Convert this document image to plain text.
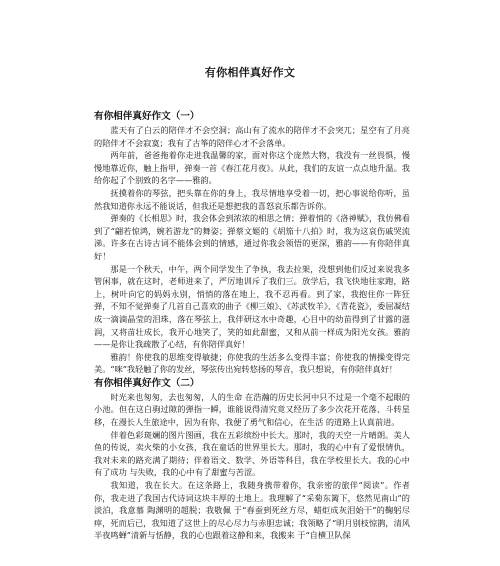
有你相伴真好作文
有你相伴真好作文（一）

蓝天有了白云的陪伴才不会空洞；高山有了流水的陪伴才不会突兀；星空有了月亮的陪伴才不会寂寞；我有了古筝的陪伴心才不会落单。

两年前，爸爸拖着你走进我温馨的家，面对你这个庞然大物，我没有一丝畏惧，慢慢地靠近你，触上指甲，弹奏一首《春江花月夜》。从此，我们的友谊一点点地升温。我给你起了个别致的名字——雅韵。

抚摸着你的琴弦，把头靠在你的身上，我尽情地享受着一切，把心事说给你听，虽然我知道你永远不能说话，但我还是想把我的喜怒哀乐都告诉你。

弹奏的《长相思》时，我会体会到浓浓的相思之情；弹着悄的《洛神赋》，我仿佛看到了“翩若惊鸿，婉若游龙”的舞姿；弹蔡文姬的《胡笳十八拍》时，我为这哀伤戚哭流涕。许多在古诗古词不能体会到的情感，通过你我会领悟的更深，雅韵——有你陪伴真好！

那是一个秋天，中午，两个同学发生了争执，我去拉架，没想到他们反过来说我多管闲事，就在这时，老师进来了，严厉地训斥了我们三。放学后，我飞快地往家跑，路上，树叶向它的妈妈永别，悄悄的落在地上，我不忍再看。到了家，我抱住你一阵狂弹，不知不觉弹奏了几首自己喜欢的曲子《柳三娘》、《苏武牧羊》、《青花瓷》，委屈凝结成一滴滴晶莹的泪珠，落在琴弦上，我伴研这水中奇趣，心目中的幼苗得到了甘露的滋润，又将苗壮成长，我开心地笑了，笑的如此甜蜜，又和从前一样成为阳光女孩。雅韵——是你让我疏散了心结，有你陪伴真好！

雅韵！你使我的思维变得敏捷；你使我的生活多么变得丰富；你使我的情操变得完美。“咪”我轻触了你的发丝，琴弦传出宛转悠扬的琴音，我只想说，有你陪伴真好！

有你相伴真好作文（二）

时光来也匆匆，去也匆匆，人的生命 在浩瀚的历史长河中只不过是一个毫不起眼的小池。但在这白驹过隙的弹指一瞬，谁能说得清究竟又经历了多少次花开花落、斗转星移，在漫长人生旅途中，因为有你，我便了勇气和信心，在生活 的道路上认真前进。

伴着色彩斑斓的图片图画，我在五彩缤纷中长大。那时，我的天空一片晴朗。美人鱼的传说，卖火柴的小女孩，我在童话的世界里长大。那时，我的心中有了爱恨情仇，我对未来的路充满了期待；伴着语文、数学、外语等科目，我在学校里长大。我的心中有了成功 与失败，我的心中有了甜蜜与苦涩。

我知道，我在长大。在这条路上，我随身携带着你，我亲密的旅伴“阅读”。作者你，我走进了我国古代诗词这块丰厚的土地上。我理解了“采菊东篱下，悠然见南山”的淡泊，我意慕 陶渊明的超脱；我敬佩 于“春蚕到死丝方尽，蜡炬成灰泪始干”的鞠躬尽瘁，死而后已，我知道了这世上的尽心尽力与赤胆忠诚；我领略了“明月别枝惊鹊，清风半夜鸣蝉”清新与恬静，我的心也跟着这静和来，我搬来 于“自横卫队保
